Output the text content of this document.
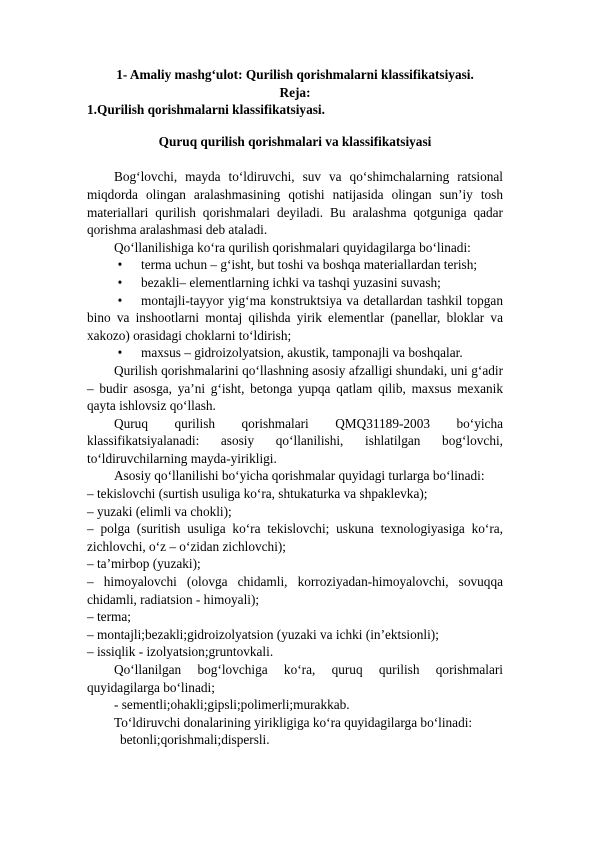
1- Amaliy mashg‘ulot: Qurilish qorishmalarni klassifikatsiyasi.

Reja:

1.Qurilish qorishmalarni klassifikatsiyasi.

Quruq qurilish qorishmalari va klassifikatsiyasi

Bog‘lovchi, mayda to‘ldiruvchi, suv va qo‘shimchalarning ratsional miqdorda olingan aralashmasining qotishi natijasida olingan sun’iy tosh materiallari qurilish qorishmalari deyiladi. Bu aralashma qotguniga qadar qorishma aralashmasi deb ataladi.

Qo‘llanilishiga ko‘ra qurilish qorishmalari quyidagilarga bo‘linadi:

• terma uchun – g‘isht, but toshi va boshqa materiallardan terish;
• bezakli– elementlarning ichki va tashqi yuzasini suvash;
• montajli-tayyor yig‘ma konstruktsiya va detallardan tashkil topgan bino va inshootlarni montaj qilishda yirik elementlar (panellar, bloklar va xakozo) orasidagi choklarni to‘ldirish;
• maxsus – gidroizolyatsion, akustik, tamponajli va boshqalar.

Qurilish qorishmalarini qo‘llashning asosiy afzalligi shundaki, uni g‘adir – budir asosga, ya’ni g‘isht, betonga yupqa qatlam qilib, maxsus mexanik qayta ishlovsiz qo‘llash.

Quruq qurilish qorishmalari QMQ31189-2003 bo‘yicha klassifikatsiyalanadi: asosiy qo‘llanilishi, ishlatilgan bog‘lovchi, to‘ldiruvchilarning mayda-yirikligi.

Asosiy qo‘llanilishi bo‘yicha qorishmalar quyidagi turlarga bo‘linadi:

– tekislovchi (surtish usuliga ko‘ra, shtukaturka va shpaklevka);

– yuzaki (elimli va chokli);

– polga (suritish usuliga ko‘ra tekislovchi; uskuna texnologiyasiga ko‘ra, zichlovchi, o‘z – o‘zidan zichlovchi);

– ta’mirbop (yuzaki);

– himoyalovchi (olovga chidamli, korroziyadan-himoyalovchi, sovuqqa chidamli, radiatsion - himoyali);

– terma;

– montajli;bezakli;gidroizolyatsion (yuzaki va ichki (in’ektsionli);

– issiqlik - izolyatsion;gruntovkali.

Qo‘llanilgan bog‘lovchiga ko‘ra, quruq qurilish qorishmalari quyidagilarga bo‘linadi;

- sementli;ohakli;gipsli;polimerli;murakkab.

To‘ldiruvchi donalarining yirikligiga ko‘ra quyidagilarga bo‘linadi:

betonli;qorishmali;dispersli.
